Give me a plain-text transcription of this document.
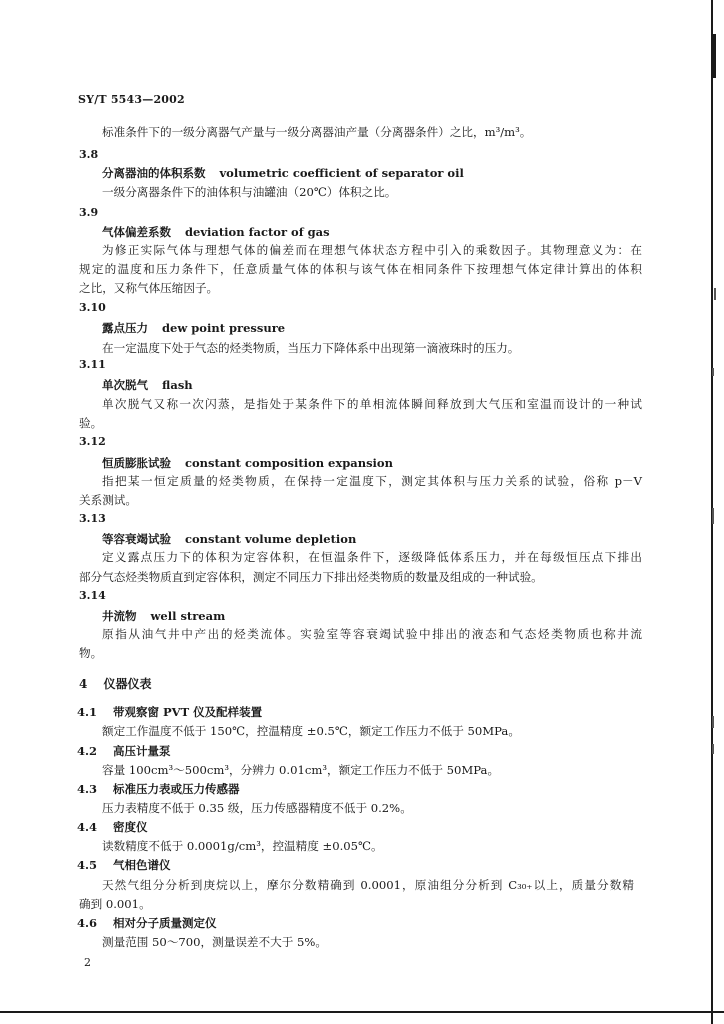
SY/T 5543—2002
标准条件下的一级分离器气产量与一级分离器油产量（分离器条件）之比，m³/m³。
3.8
分离器油的体积系数 volumetric coefficient of separator oil
一级分离器条件下的油体积与油罐油（20℃）体积之比。
3.9
气体偏差系数 deviation factor of gas
为修正实际气体与理想气体的偏差而在理想气体状态方程中引入的乘数因子。其物理意义为：在
规定的温度和压力条件下，任意质量气体的体积与该气体在相同条件下按理想气体定律计算出的体积
之比，又称气体压缩因子。
3.10
露点压力 dew point pressure
在一定温度下处于气态的烃类物质，当压力下降体系中出现第一滴液珠时的压力。
3.11
单次脱气 flash
单次脱气又称一次闪蒸，是指处于某条件下的单相流体瞬间释放到大气压和室温而设计的一种试
验。
3.12
恒质膨胀试验 constant composition expansion
指把某一恒定质量的烃类物质，在保持一定温度下，测定其体积与压力关系的试验，俗称 p－V
关系测试。
3.13
等容衰竭试验 constant volume depletion
定义露点压力下的体积为定容体积，在恒温条件下，逐级降低体系压力，并在每级恒压点下排出
部分气态烃类物质直到定容体积，测定不同压力下排出烃类物质的数量及组成的一种试验。
3.14
井流物 well stream
原指从油气井中产出的烃类流体。实验室等容衰竭试验中排出的液态和气态烃类物质也称井流
物。
4 仪器仪表
4.1 带观察窗 PVT 仪及配样装置
额定工作温度不低于 150℃，控温精度 ±0.5℃，额定工作压力不低于 50MPa。
4.2 高压计量泵
容量 100cm³～500cm³，分辨力 0.01cm³，额定工作压力不低于 50MPa。
4.3 标准压力表或压力传感器
压力表精度不低于 0.35 级，压力传感器精度不低于 0.2%。
4.4 密度仪
读数精度不低于 0.0001g/cm³，控温精度 ±0.05℃。
4.5 气相色谱仪
天然气组分分析到庚烷以上，摩尔分数精确到 0.0001，原油组分分析到 C₃₀₊以上，质量分数精
确到 0.001。
4.6 相对分子质量测定仪
测量范围 50～700，测量误差不大于 5%。
2
